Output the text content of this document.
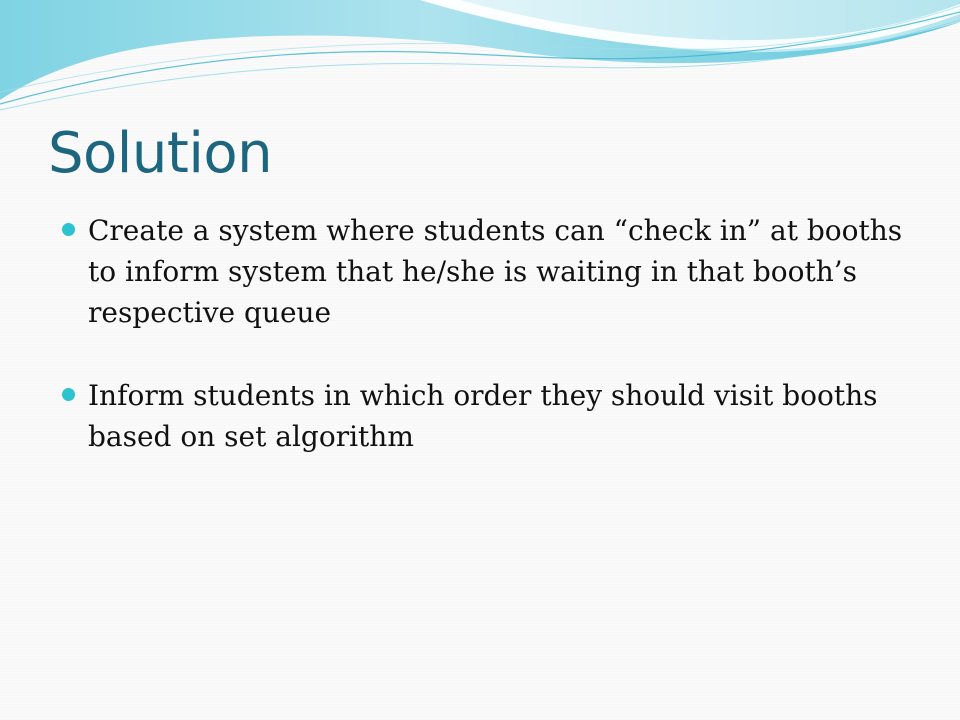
Solution
Create a system where students can “check in” at booths to inform system that he/she is waiting in that booth’s respective queue
Inform students in which order they should visit booths based on set algorithm
